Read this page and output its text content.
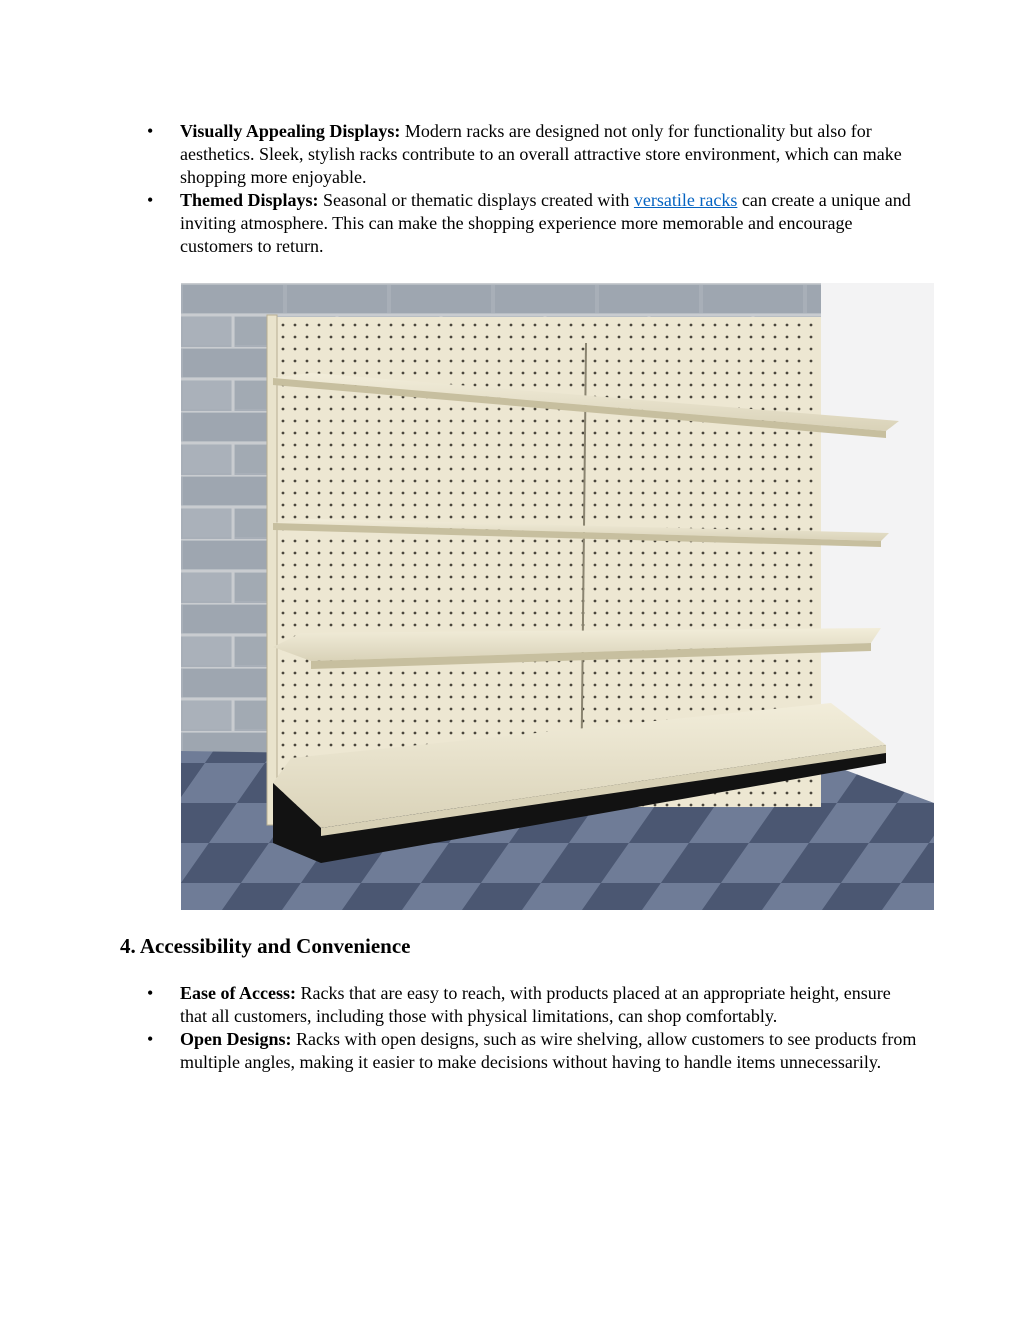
• Visually Appealing Displays: Modern racks are designed not only for functionality but also for aesthetics. Sleek, stylish racks contribute to an overall attractive store environment, which can make shopping more enjoyable.
• Themed Displays: Seasonal or thematic displays created with versatile racks can create a unique and inviting atmosphere. This can make the shopping experience more memorable and encourage customers to return.
4. Accessibility and Convenience
• Ease of Access: Racks that are easy to reach, with products placed at an appropriate height, ensure that all customers, including those with physical limitations, can shop comfortably.
• Open Designs: Racks with open designs, such as wire shelving, allow customers to see products from multiple angles, making it easier to make decisions without having to handle items unnecessarily.
